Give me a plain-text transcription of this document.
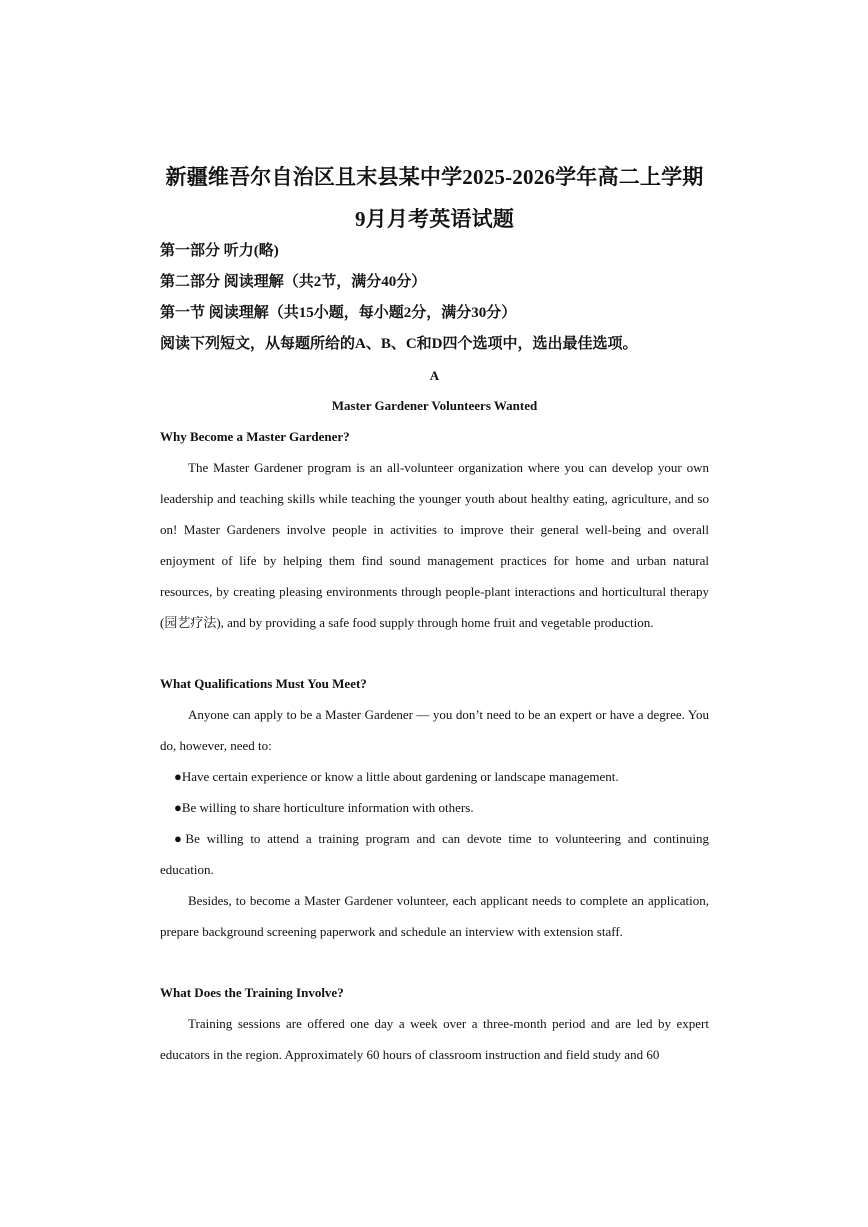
新疆维吾尔自治区且末县某中学2025-2026学年高二上学期
9月月考英语试题
第一部分 听力(略)
第二部分 阅读理解（共2节，满分40分）
第一节 阅读理解（共15小题，每小题2分，满分30分）
阅读下列短文，从每题所给的A、B、C和D四个选项中，选出最佳选项。
A
Master Gardener Volunteers Wanted
Why Become a Master Gardener?

The Master Gardener program is an all-volunteer organization where you can develop your own leadership and teaching skills while teaching the younger youth about healthy eating, agriculture, and so on! Master Gardeners involve people in activities to improve their general well-being and overall enjoyment of life by helping them find sound management practices for home and urban natural resources, by creating pleasing environments through people-plant interactions and horticultural therapy (园艺疗法), and by providing a safe food supply through home fruit and vegetable production.

What Qualifications Must You Meet?

Anyone can apply to be a Master Gardener — you don’t need to be an expert or have a degree. You do, however, need to:

●Have certain experience or know a little about gardening or landscape management.

●Be willing to share horticulture information with others.

●Be willing to attend a training program and can devote time to volunteering and continuing education.

Besides, to become a Master Gardener volunteer, each applicant needs to complete an application, prepare background screening paperwork and schedule an interview with extension staff.

What Does the Training Involve?

Training sessions are offered one day a week over a three-month period and are led by expert educators in the region. Approximately 60 hours of classroom instruction and field study and 60
